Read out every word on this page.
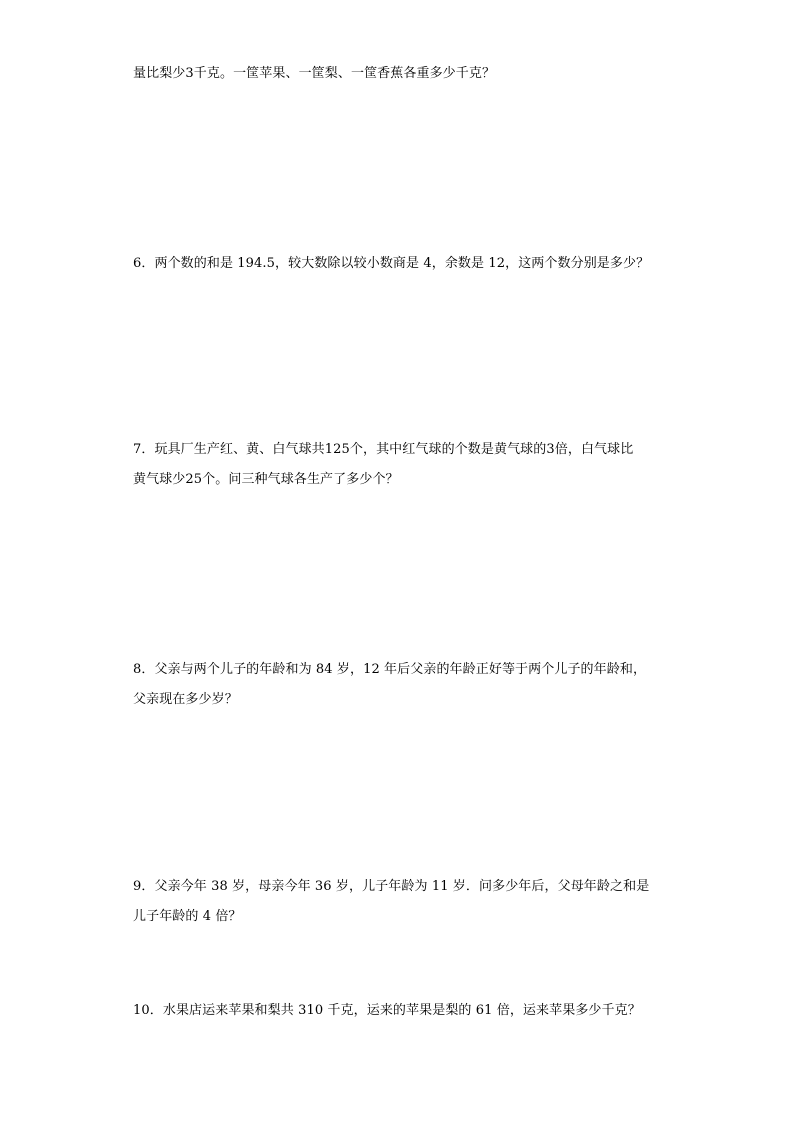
量比梨少3千克。一筐苹果、一筐梨、一筐香蕉各重多少千克？
6．两个数的和是 194.5，较大数除以较小数商是 4，余数是 12，这两个数分别是多少？
7．玩具厂生产红、黄、白气球共125个，其中红气球的个数是黄气球的3倍，白气球比
黄气球少25个。问三种气球各生产了多少个？
8．父亲与两个儿子的年龄和为 84 岁，12 年后父亲的年龄正好等于两个儿子的年龄和，
父亲现在多少岁？
9．父亲今年 38 岁，母亲今年 36 岁，儿子年龄为 11 岁．问多少年后，父母年龄之和是
儿子年龄的 4 倍？
10．水果店运来苹果和梨共 310 千克，运来的苹果是梨的 61 倍，运来苹果多少千克？
